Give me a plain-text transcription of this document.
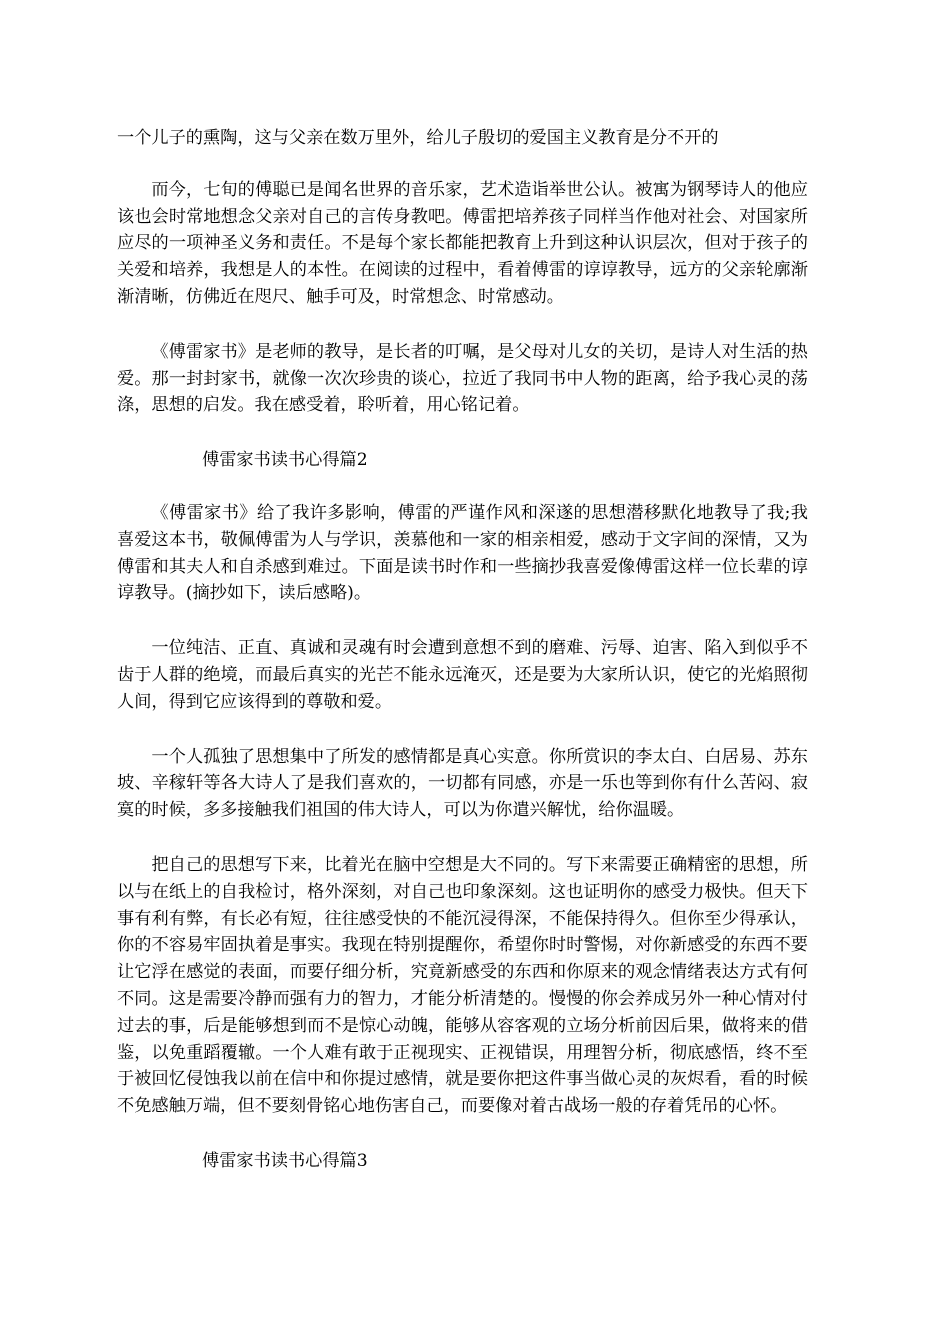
一个儿子的熏陶，这与父亲在数万里外，给儿子殷切的爱国主义教育是分不开的

而今，七旬的傅聪已是闻名世界的音乐家，艺术造诣举世公认。被寓为钢琴诗人的他应该也会时常地想念父亲对自己的言传身教吧。傅雷把培养孩子同样当作他对社会、对国家所应尽的一项神圣义务和责任。不是每个家长都能把教育上升到这种认识层次，但对于孩子的关爱和培养，我想是人的本性。在阅读的过程中，看着傅雷的谆谆教导，远方的父亲轮廓渐渐清晰，仿佛近在咫尺、触手可及，时常想念、时常感动。

《傅雷家书》是老师的教导，是长者的叮嘱，是父母对儿女的关切，是诗人对生活的热爱。那一封封家书，就像一次次珍贵的谈心，拉近了我同书中人物的距离，给予我心灵的荡涤，思想的启发。我在感受着，聆听着，用心铭记着。

傅雷家书读书心得篇2

《傅雷家书》给了我许多影响，傅雷的严谨作风和深遂的思想潜移默化地教导了我;我喜爱这本书，敬佩傅雷为人与学识，羡慕他和一家的相亲相爱，感动于文字间的深情，又为傅雷和其夫人和自杀感到难过。下面是读书时作和一些摘抄我喜爱像傅雷这样一位长辈的谆谆教导。(摘抄如下，读后感略)。

一位纯洁、正直、真诚和灵魂有时会遭到意想不到的磨难、污辱、迫害、陷入到似乎不齿于人群的绝境，而最后真实的光芒不能永远淹灭，还是要为大家所认识，使它的光焰照彻人间，得到它应该得到的尊敬和爱。

一个人孤独了思想集中了所发的感情都是真心实意。你所赏识的李太白、白居易、苏东坡、辛稼轩等各大诗人了是我们喜欢的，一切都有同感，亦是一乐也等到你有什么苦闷、寂寞的时候，多多接触我们祖国的伟大诗人，可以为你遣兴解忧，给你温暖。

把自己的思想写下来，比着光在脑中空想是大不同的。写下来需要正确精密的思想，所以与在纸上的自我检讨，格外深刻，对自己也印象深刻。这也证明你的感受力极快。但天下事有利有弊，有长必有短，往往感受快的不能沉浸得深，不能保持得久。但你至少得承认，你的不容易牢固执着是事实。我现在特别提醒你，希望你时时警惕，对你新感受的东西不要让它浮在感觉的表面，而要仔细分析，究竟新感受的东西和你原来的观念情绪表达方式有何不同。这是需要冷静而强有力的智力，才能分析清楚的。慢慢的你会养成另外一种心情对付过去的事，后是能够想到而不是惊心动魄，能够从容客观的立场分析前因后果，做将来的借鉴，以免重蹈覆辙。一个人难有敢于正视现实、正视错误，用理智分析，彻底感悟，终不至于被回忆侵蚀我以前在信中和你提过感情，就是要你把这件事当做心灵的灰烬看，看的时候不免感触万端，但不要刻骨铭心地伤害自己，而要像对着古战场一般的存着凭吊的心怀。

傅雷家书读书心得篇3
